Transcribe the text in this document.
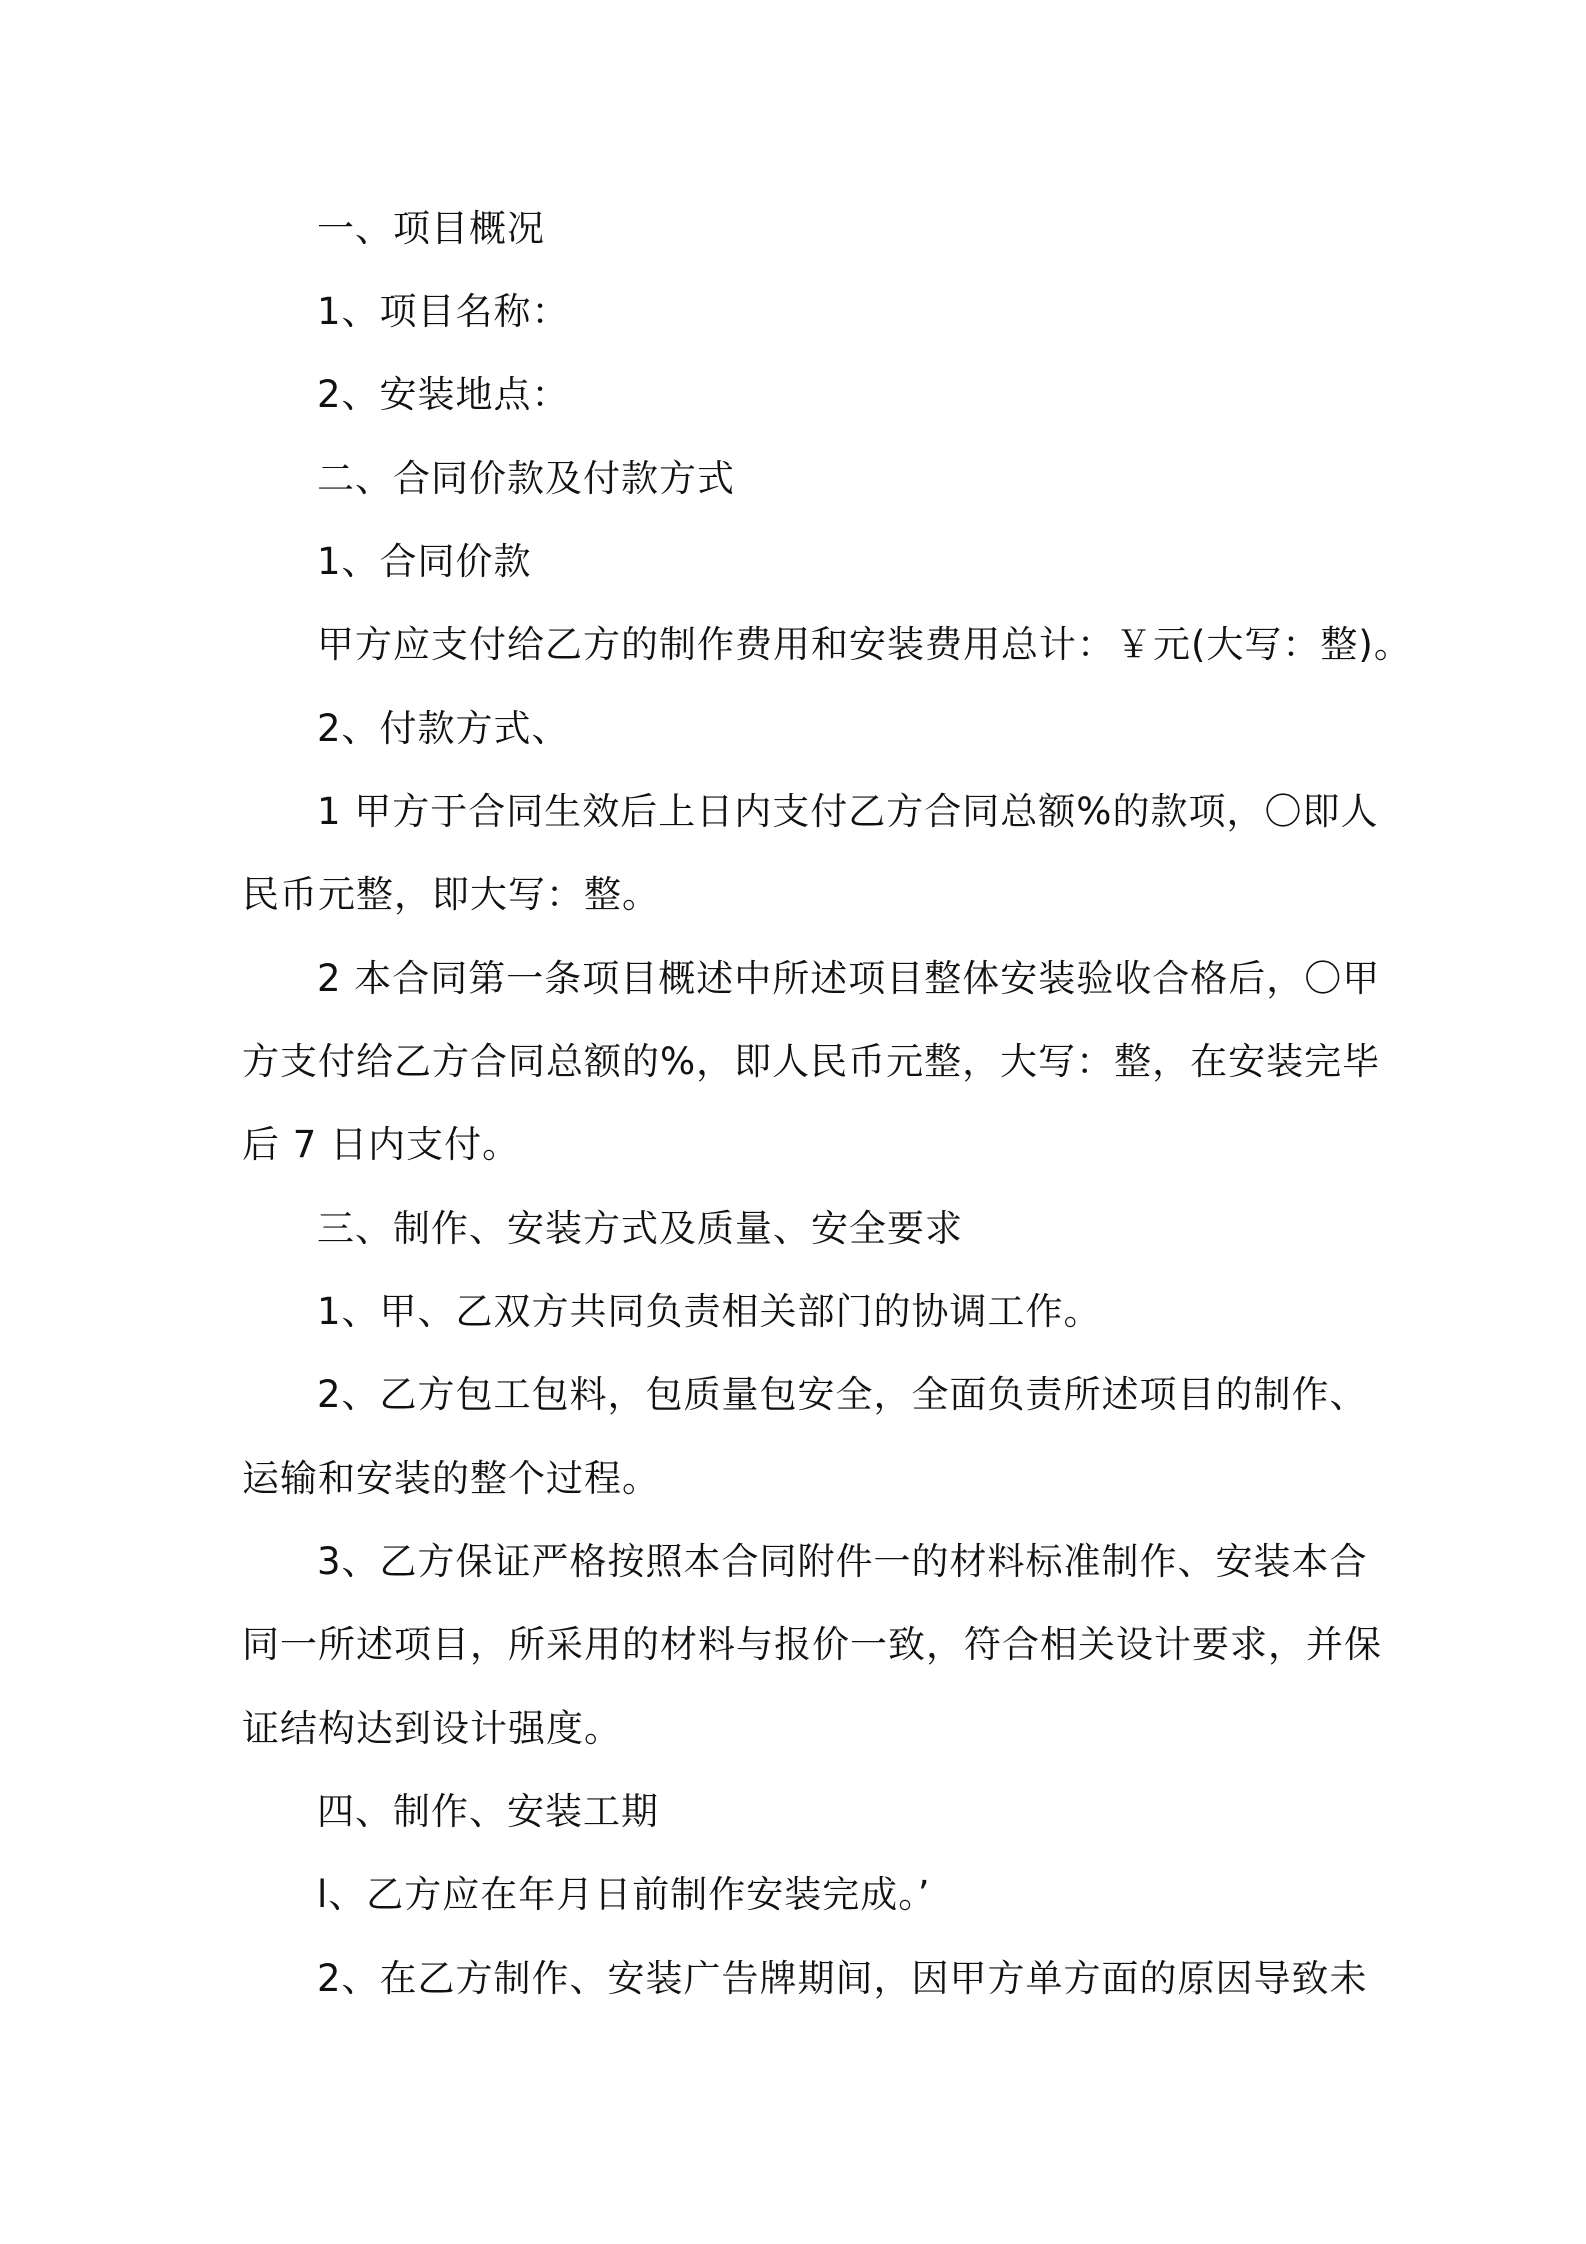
一、项目概况
1、项目名称：
2、安装地点：
二、合同价款及付款方式
1、合同价款
甲方应支付给乙方的制作费用和安装费用总计：￥元(大写：整)。
2、付款方式、
1 甲方于合同生效后上日内支付乙方合同总额%的款项，〇即人
民币元整，即大写：整。
2 本合同第一条项目概述中所述项目整体安装验收合格后，〇甲
方支付给乙方合同总额的%，即人民币元整，大写：整，在安装完毕
后 7 日内支付。
三、制作、安装方式及质量、安全要求
1、甲、乙双方共同负责相关部门的协调工作。
2、乙方包工包料，包质量包安全，全面负责所述项目的制作、
运输和安装的整个过程。
3、乙方保证严格按照本合同附件一的材料标准制作、安装本合
同一所述项目，所采用的材料与报价一致，符合相关设计要求，并保
证结构达到设计强度。
四、制作、安装工期
l、乙方应在年月日前制作安装完成。’
2、在乙方制作、安装广告牌期间，因甲方单方面的原因导致未
